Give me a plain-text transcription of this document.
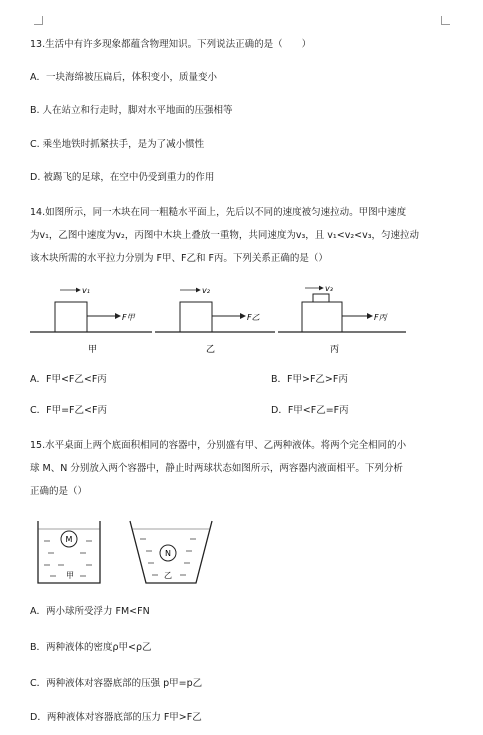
13.生活中有许多现象都蕴含物理知识。下列说法正确的是（　　）
A．一块海绵被压扁后，体积变小，质量变小
B. 人在站立和行走时，脚对水平地面的压强相等
C. 乘坐地铁时抓紧扶手，是为了减小惯性
D. 被踢飞的足球，在空中仍受到重力的作用
14.如图所示，同一木块在同一粗糙水平面上，先后以不同的速度被匀速拉动。甲图中速度
为v₁，乙图中速度为v₂，丙图中木块上叠放一重物，共同速度为v₃，且 v₁<v₂<v₃，匀速拉动
该木块所需的水平拉力分别为 F甲、F乙和 F丙。下列关系正确的是（）
v₁
F甲
甲
v₂
F乙
乙
v₃
F丙
丙
A．F甲<F乙<F丙	B．F甲>F乙>F丙
C．F甲=F乙<F丙	D．F甲<F乙=F丙
15.水平桌面上两个底面积相同的容器中，分别盛有甲、乙两种液体。将两个完全相同的小
球 M、N 分别放入两个容器中，静止时两球状态如图所示，两容器内液面相平。下列分析
正确的是（）
M
甲
N
乙
A．两小球所受浮力 FM<FN
B．两种液体的密度ρ甲<ρ乙
C．两种液体对容器底部的压强 p甲=p乙
D．两种液体对容器底部的压力 F甲>F乙
